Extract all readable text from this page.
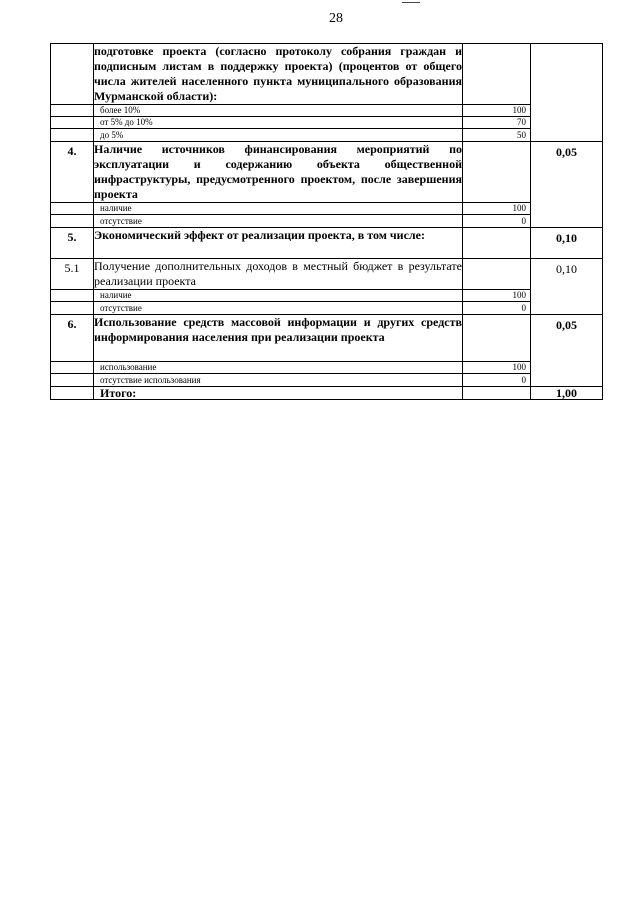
28
	подготовке проекта (согласно протоколу собрания граждан и подписным листам в поддержку проекта) (процентов от общего числа жителей населенного пункта муниципального образования Мурманской области):		
	более 10%	100	
	от 5% до 10%	70	
	до 5%	50	
4.	Наличие источников финансирования мероприятий по эксплуатации и содержанию объекта общественной инфраструктуры, предусмотренного проектом, после завершения проекта		0,05
	наличие	100	
	отсутствие	0	
5.	Экономический эффект от реализации проекта, в том числе:		0,10
5.1	Получение дополнительных доходов в местный бюджет в результате реализации проекта		0,10
	наличие	100	
	отсутствие	0	
6.	Использование средств массовой информации и других средств информирования населения при реализации проекта		0,05
	использование	100	
	отсутствие использования	0	
	Итого:		1,00
